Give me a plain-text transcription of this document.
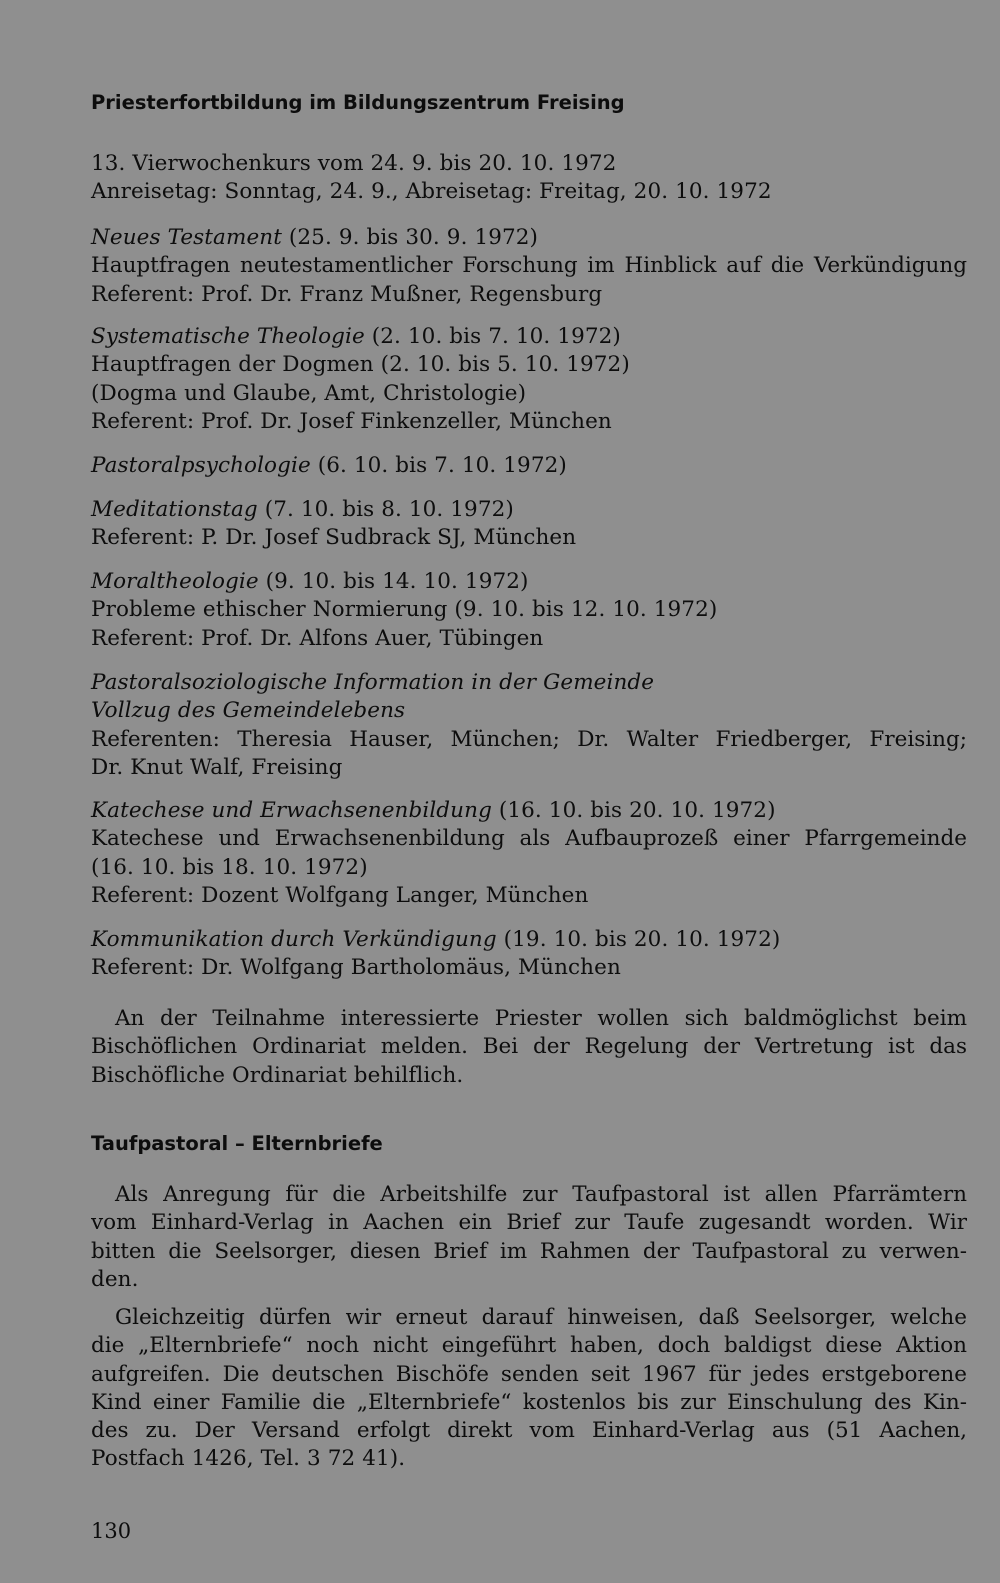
Priesterfortbildung im Bildungszentrum Freising
13. Vierwochenkurs vom 24. 9. bis 20. 10. 1972
Anreisetag: Sonntag, 24. 9., Abreisetag: Freitag, 20. 10. 1972
Neues Testament (25. 9. bis 30. 9. 1972)
Hauptfragen neutestamentlicher Forschung im Hinblick auf die Verkündigung
Referent: Prof. Dr. Franz Mußner, Regensburg
Systematische Theologie (2. 10. bis 7. 10. 1972)
Hauptfragen der Dogmen (2. 10. bis 5. 10. 1972)
(Dogma und Glaube, Amt, Christologie)
Referent: Prof. Dr. Josef Finkenzeller, München
Pastoralpsychologie (6. 10. bis 7. 10. 1972)
Meditationstag (7. 10. bis 8. 10. 1972)
Referent: P. Dr. Josef Sudbrack SJ, München
Moraltheologie (9. 10. bis 14. 10. 1972)
Probleme ethischer Normierung (9. 10. bis 12. 10. 1972)
Referent: Prof. Dr. Alfons Auer, Tübingen
Pastoralsoziologische Information in der Gemeinde
Vollzug des Gemeindelebens
Referenten: Theresia Hauser, München; Dr. Walter Friedberger, Freising;
Dr. Knut Walf, Freising
Katechese und Erwachsenenbildung (16. 10. bis 20. 10. 1972)
Katechese und Erwachsenenbildung als Aufbauprozeß einer Pfarrgemeinde
(16. 10. bis 18. 10. 1972)
Referent: Dozent Wolfgang Langer, München
Kommunikation durch Verkündigung (19. 10. bis 20. 10. 1972)
Referent: Dr. Wolfgang Bartholomäus, München
An der Teilnahme interessierte Priester wollen sich baldmöglichst beim
Bischöflichen Ordinariat melden. Bei der Regelung der Vertretung ist das
Bischöfliche Ordinariat behilflich.
Taufpastoral – Elternbriefe
Als Anregung für die Arbeitshilfe zur Taufpastoral ist allen Pfarrämtern
vom Einhard-Verlag in Aachen ein Brief zur Taufe zugesandt worden. Wir
bitten die Seelsorger, diesen Brief im Rahmen der Taufpastoral zu verwen-
den.
Gleichzeitig dürfen wir erneut darauf hinweisen, daß Seelsorger, welche
die „Elternbriefe“ noch nicht eingeführt haben, doch baldigst diese Aktion
aufgreifen. Die deutschen Bischöfe senden seit 1967 für jedes erstgeborene
Kind einer Familie die „Elternbriefe“ kostenlos bis zur Einschulung des Kin-
des zu. Der Versand erfolgt direkt vom Einhard-Verlag aus (51 Aachen,
Postfach 1426, Tel. 3 72 41).
130
